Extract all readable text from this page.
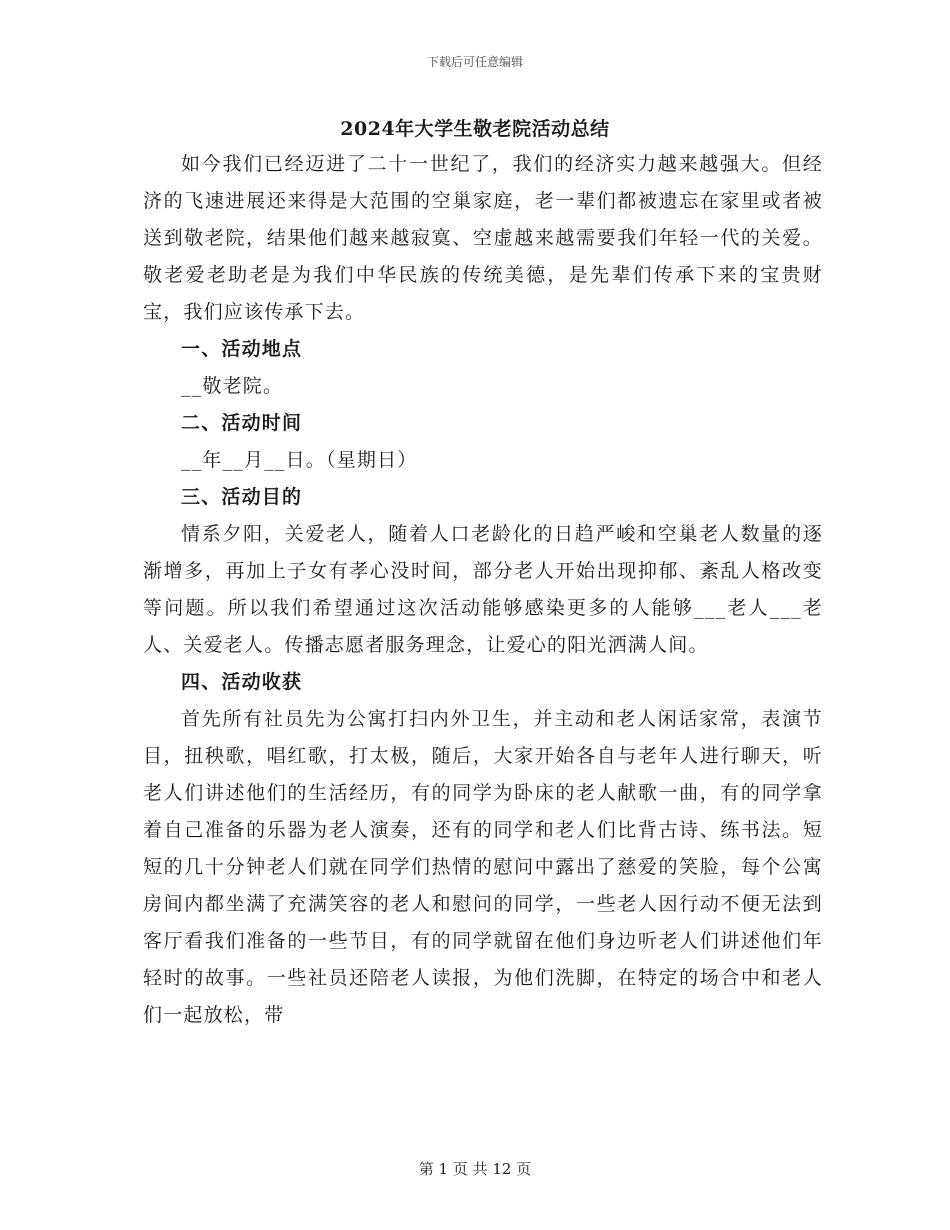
下载后可任意编辑
2024年大学生敬老院活动总结

如今我们已经迈进了二十一世纪了，我们的经济实力越来越强大。但经济的飞速进展还来得是大范围的空巢家庭，老一辈们都被遗忘在家里或者被送到敬老院，结果他们越来越寂寞、空虚越来越需要我们年轻一代的关爱。敬老爱老助老是为我们中华民族的传统美德，是先辈们传承下来的宝贵财宝，我们应该传承下去。

一、活动地点

__敬老院。

二、活动时间

__年__月__日。（星期日）

三、活动目的

情系夕阳，关爱老人，随着人口老龄化的日趋严峻和空巢老人数量的逐渐增多，再加上子女有孝心没时间，部分老人开始出现抑郁、紊乱人格改变等问题。所以我们希望通过这次活动能够感染更多的人能够___老人___老人、关爱老人。传播志愿者服务理念，让爱心的阳光洒满人间。

四、活动收获

首先所有社员先为公寓打扫内外卫生，并主动和老人闲话家常，表演节目，扭秧歌，唱红歌，打太极，随后，大家开始各自与老年人进行聊天，听老人们讲述他们的生活经历，有的同学为卧床的老人献歌一曲，有的同学拿着自己准备的乐器为老人演奏，还有的同学和老人们比背古诗、练书法。短短的几十分钟老人们就在同学们热情的慰问中露出了慈爱的笑脸，每个公寓房间内都坐满了充满笑容的老人和慰问的同学，一些老人因行动不便无法到客厅看我们准备的一些节目，有的同学就留在他们身边听老人们讲述他们年轻时的故事。一些社员还陪老人读报，为他们洗脚，在特定的场合中和老人们一起放松，带

第 1 页 共 12 页
